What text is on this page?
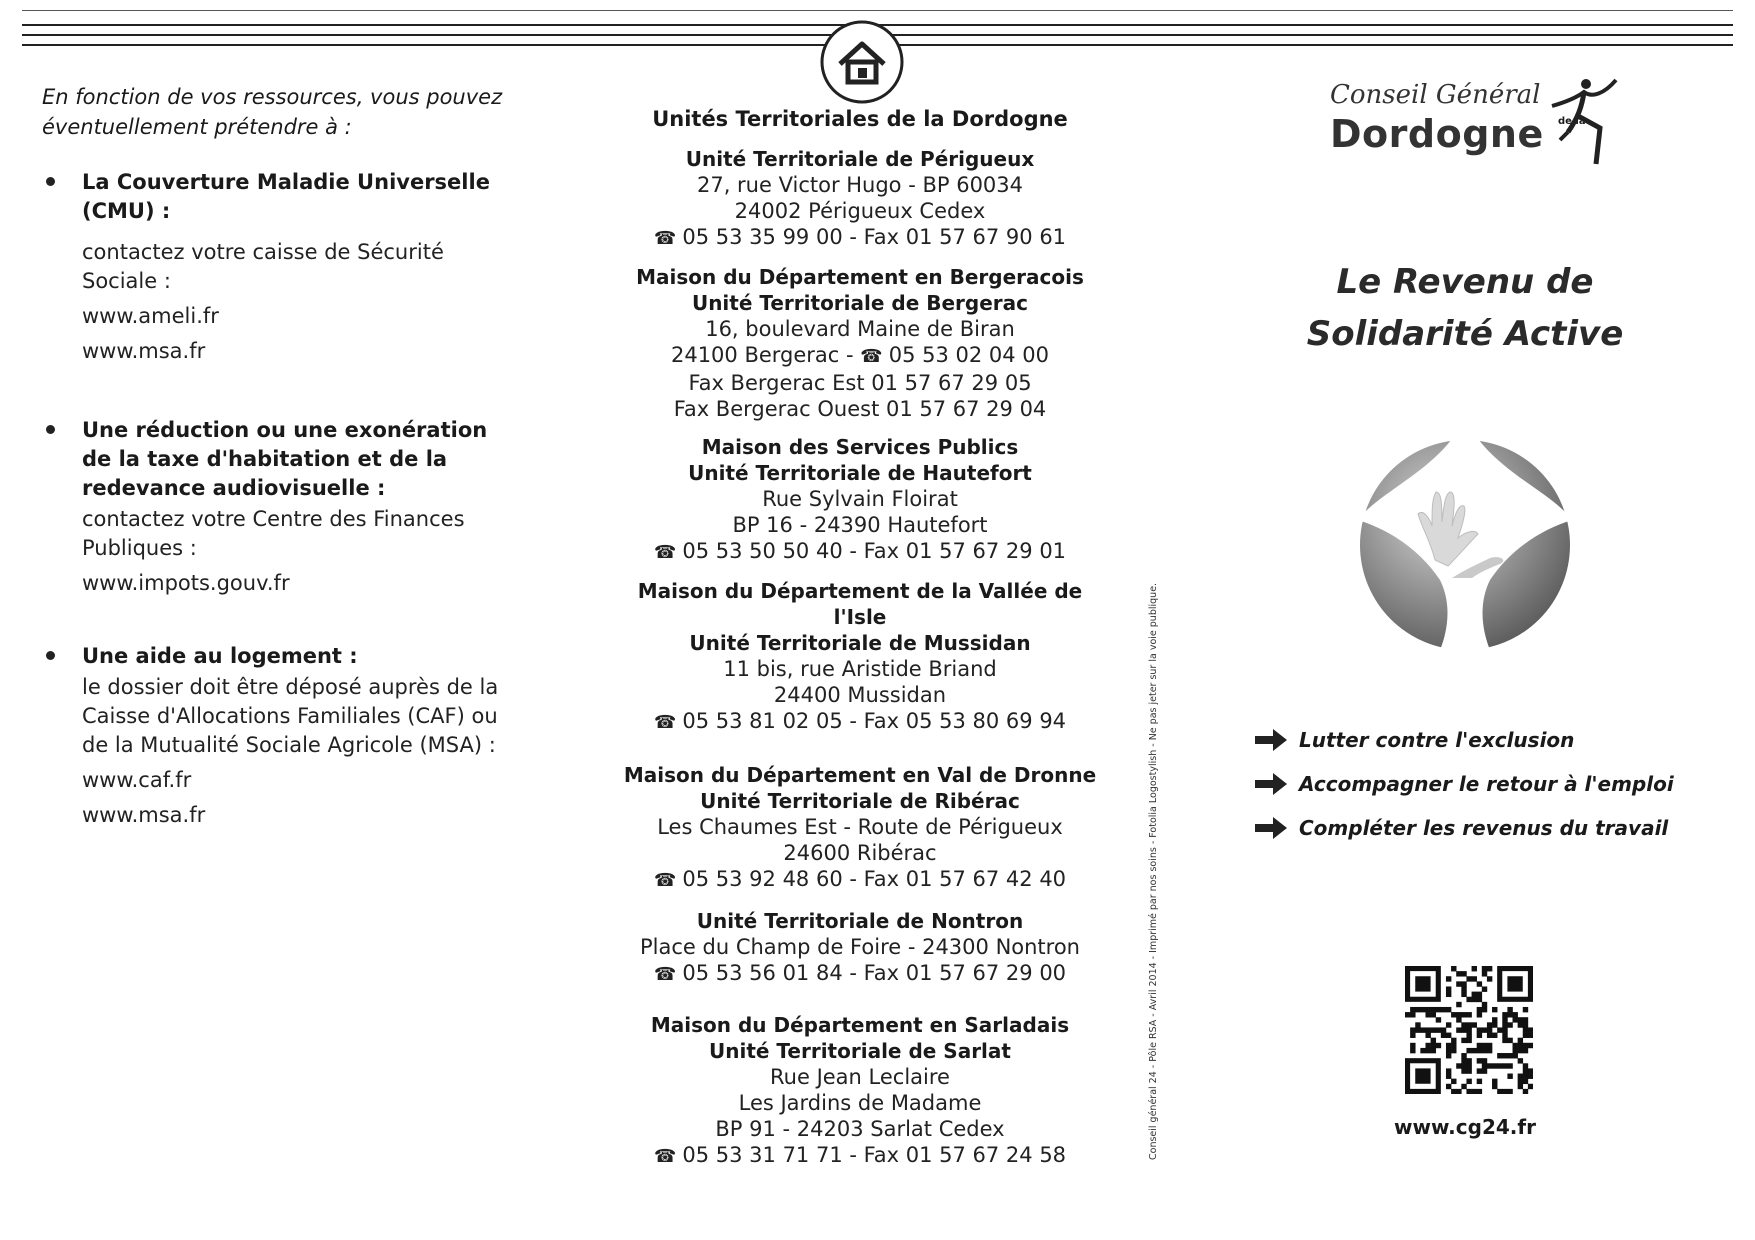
En fonction de vos ressources, vous pouvez éventuellement prétendre à :

La Couverture Maladie Universelle (CMU) :
contactez votre caisse de Sécurité Sociale :
www.ameli.fr
www.msa.fr
Une réduction ou une exonération de la taxe d'habitation et de la redevance audiovisuelle :
contactez votre Centre des Finances Publiques :
www.impots.gouv.fr
Une aide au logement :
le dossier doit être déposé auprès de la Caisse d'Allocations Familiales (CAF) ou de la Mutualité Sociale Agricole (MSA) :
www.caf.fr
www.msa.fr
Unités Territoriales de la Dordogne
Unité Territoriale de Périgueux
27, rue Victor Hugo - BP 60034
24002 Périgueux Cedex
☎ 05 53 35 99 00 - Fax 01 57 67 90 61
Maison du Département en Bergeracois
Unité Territoriale de Bergerac
16, boulevard Maine de Biran
24100 Bergerac - ☎ 05 53 02 04 00
Fax Bergerac Est 01 57 67 29 05
Fax Bergerac Ouest 01 57 67 29 04
Maison des Services Publics
Unité Territoriale de Hautefort
Rue Sylvain Floirat
BP 16 - 24390 Hautefort
☎ 05 53 50 50 40 - Fax 01 57 67 29 01
Maison du Département de la Vallée de l'Isle
Unité Territoriale de Mussidan
11 bis, rue Aristide Briand
24400 Mussidan
☎ 05 53 81 02 05 - Fax 05 53 80 69 94
Maison du Département en Val de Dronne
Unité Territoriale de Ribérac
Les Chaumes Est - Route de Périgueux
24600 Ribérac
☎ 05 53 92 48 60 - Fax 01 57 67 42 40
Unité Territoriale de Nontron
Place du Champ de Foire - 24300 Nontron
☎ 05 53 56 01 84 - Fax 01 57 67 29 00
Maison du Département en Sarladais
Unité Territoriale de Sarlat
Rue Jean Leclaire
Les Jardins de Madame
BP 91 - 24203 Sarlat Cedex
☎ 05 53 31 71 71 - Fax 01 57 67 24 58	Conseil général 24 - Pôle RSA - Avril 2014 - Imprimé par nos soins - Fotolia Logostylish - Ne pas jeter sur la voie publique.
Conseil Général
de la
Dordogne
Le Revenu de
Solidarité Active
Lutter contre l'exclusion
Accompagner le retour à l'emploi
Compléter les revenus du travail
www.cg24.fr
